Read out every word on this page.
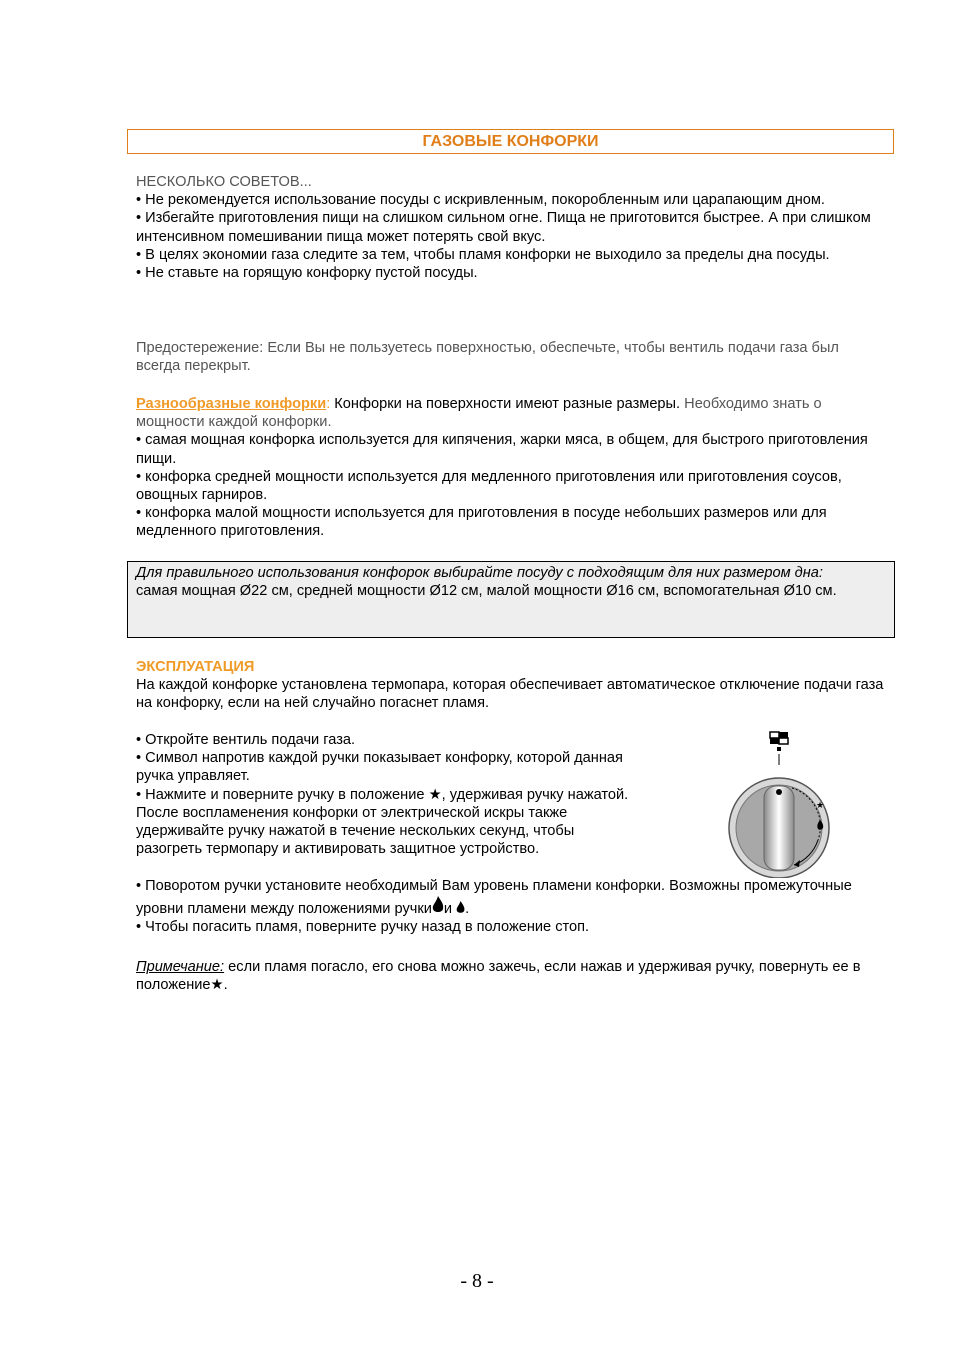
ГАЗОВЫЕ КОНФОРКИ

НЕСКОЛЬКО СОВЕТОВ...

• Не рекомендуется использование посуды с искривленным, покоробленным или царапающим дном.

• Избегайте приготовления пищи на слишком сильном огне. Пища не приготовится быстрее. А при слишком интенсивном помешивании пища может потерять свой вкус.

• В целях экономии газа следите за тем, чтобы пламя конфорки не выходило за пределы дна посуды.

• Не ставьте на горящую конфорку пустой посуды.

Предостережение: Если Вы не пользуетесь поверхностью, обеспечьте, чтобы вентиль подачи газа был всегда перекрыт.

Разнообразные конфорки: Конфорки на поверхности имеют разные размеры. Необходимо знать о мощности каждой конфорки.

• самая мощная конфорка используется для кипячения, жарки мяса, в общем, для быстрого приготовления пищи.

• конфорка средней мощности используется для медленного приготовления или приготовления соусов, овощных гарниров.

• конфорка малой мощности используется для приготовления в посуде небольших размеров или для медленного приготовления.

Для правильного использования конфорок выбирайте посуду с подходящим для них размером дна:

самая мощная Ø22 см, средней мощности Ø12 см, малой мощности Ø16 см, вспомогательная Ø10 см.

ЭКСПЛУАТАЦИЯ

На каждой конфорке установлена термопара, которая обеспечивает автоматическое отключение подачи газа на конфорку, если на ней случайно погаснет пламя.

• Откройте вентиль подачи газа.

• Символ напротив каждой ручки показывает конфорку, которой данная ручка управляет.

• Нажмите и поверните ручку в положение ★, удерживая ручку нажатой. После воспламенения конфорки от электрической искры также удерживайте ручку нажатой в течение нескольких секунд, чтобы разогреть термопару и активировать защитное устройство.

★

• Поворотом ручки установите необходимый Вам уровень пламени конфорки. Возможны промежуточные уровни пламени между положениями ручки и .

• Чтобы погасить пламя, поверните ручку назад в положение стоп.

Примечание: если пламя погасло, его снова можно зажечь, если нажав и удерживая ручку, повернуть ее в положение★.

- 8 -
